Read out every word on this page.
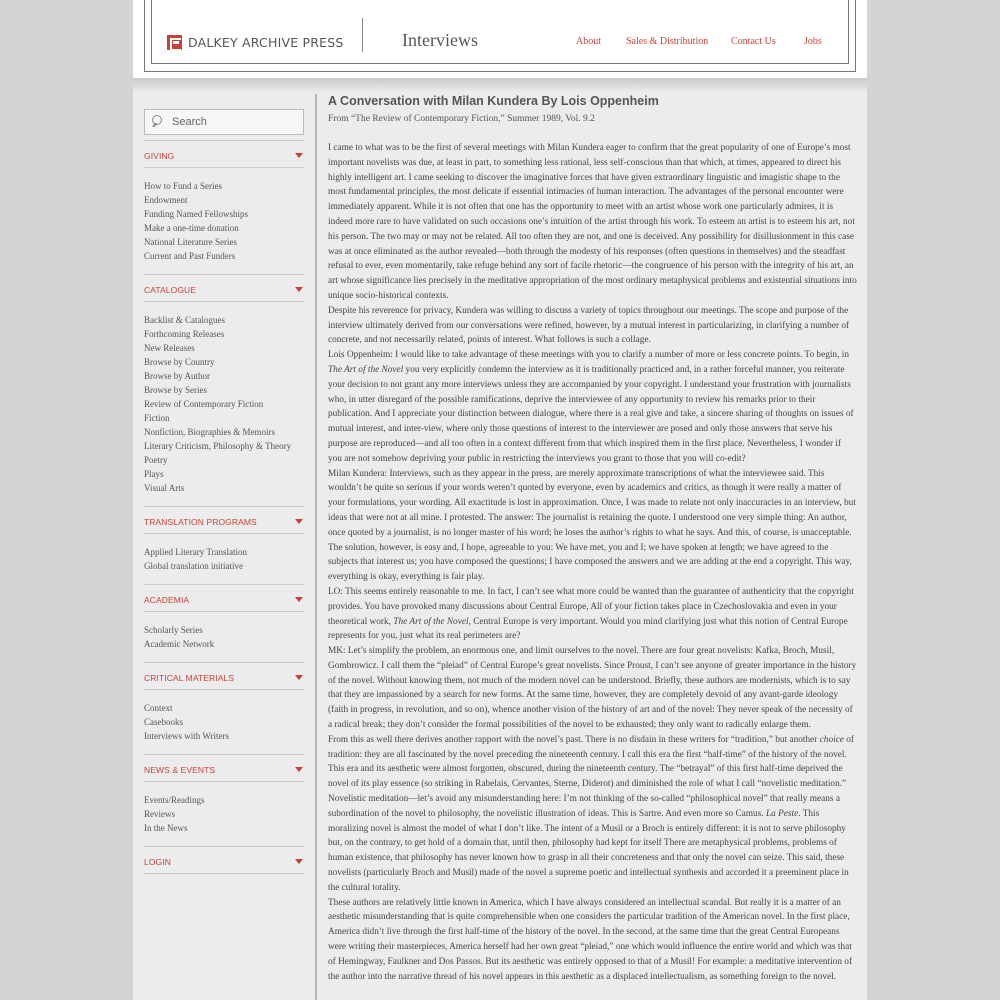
DALKEY ARCHIVE PRESS	Interviews	About	Sales & Distribution Contact Us	Jobs
Search
GIVING
How to Fund a Series
Endowment
Funding Named Fellowships
Make a one-time donation
National Literature Series
Current and Past Funders
CATALOGUE
Backlist & Catalogues
Forthcoming Releases
New Releases
Browse by Country
Browse by Author
Browse by Series
Review of Contemporary Fiction
Fiction
Nonfiction, Biographies & Memoirs
Literary Criticism, Philosophy & Theory
Poetry
Plays
Visual Arts
TRANSLATION PROGRAMS
Applied Literary Translation
Global translation initiative
ACADEMIA
Scholarly Series
Academic Network
CRITICAL MATERIALS
Context
Casebooks
Interviews with Writers
NEWS & EVENTS
Events/Readings
Reviews
In the News
LOGIN
A Conversation with Milan Kundera By Lois Oppenheim
From “The Review of Contemporary Fiction,” Summer 1989, Vol. 9.2

I came to what was to be the first of several meetings with Milan Kundera eager to confirm that the great popularity of one of Europe’s most important novelists was due, at least in part, to something less rational, less self-conscious than that which, at times, appeared to direct his highly intelligent art. I came seeking to discover the imaginative forces that have given extraordinary linguistic and imagistic shape to the most fundamental principles, the most delicate if essential intimacies of human interaction. The advantages of the personal encounter were immediately apparent. While it is not often that one has the opportunity to meet with an artist whose work one particularly admires, it is indeed more rare to have validated on such occasions one’s intuition of the artist through his work. To esteem an artist is to esteem his art, not his person. The two may or may not be related. All too often they are not, and one is deceived. Any possibility for disillusionment in this case was at once eliminated as the author revealed—both through the modesty of his responses (often questions in themselves) and the steadfast refusal to ever, even momentarily, take refuge behind any sort of facile rhetoric—the congruence of his person with the integrity of his art, an art whose significance lies precisely in the meditative appropriation of the most ordinary metaphysical problems and existential situations into unique socio-historical contexts.

Despite his reverence for privacy, Kundera was willing to discuss a variety of topics throughout our meetings. The scope and purpose of the interview ultimately derived from our conversations were refined, however, by a mutual interest in particularizing, in clarifying a number of concrete, and not necessarily related, points of interest. What follows is such a collage.

Lois Oppenheim: I would like to take advantage of these meetings with you to clarify a number of more or less concrete points. To begin, in The Art of the Novel you very explicitly condemn the interview as it is traditionally practiced and, in a rather forceful manner, you reiterate your decision to not grant any more interviews unless they are accompanied by your copyright. I understand your frustration with journalists who, in utter disregard of the possible ramifications, deprive the interviewee of any opportunity to review his remarks prior to their publication. And I appreciate your distinction between dialogue, where there is a real give and take, a sincere sharing of thoughts on issues of mutual interest, and inter-view, where only those questions of interest to the interviewer are posed and only those answers that serve his purpose are reproduced—and all too often in a context different from that which inspired them in the first place. Nevertheless, I wonder if you are not somehow depriving your public in restricting the interviews you grant to those that you will co-edit?

Milan Kundera: Interviews, such as they appear in the press, are merely approximate transcriptions of what the interviewee said. This wouldn’t be quite so serious if your words weren’t quoted by everyone, even by academics and critics, as though it were really a matter of your formulations, your wording. All exactitude is lost in approximation. Once, I was made to relate not only inaccuracies in an interview, but ideas that were not at all mine. I protested. The answer: The journalist is retaining the quote. I understood one very simple thing: An author, once quoted by a journalist, is no longer master of his word; he loses the author’s rights to what he says. And this, of course, is unacceptable. The solution, however, is easy and, I hope, agreeable to you: We have met, you and I; we have spoken at length; we have agreed to the subjects that interest us; you have composed the questions; I have composed the answers and we are adding at the end a copyright. This way, everything is okay, everything is fair play.

LO: This seems entirely reasonable to me. In fact, I can’t see what more could be wanted than the guarantee of authenticity that the copyright provides. You have provoked many discussions about Central Europe, All of your fiction takes place in Czechoslovakia and even in your theoretical work, The Art of the Novel, Central Europe is very important. Would you mind clarifying just what this notion of Central Europe represents for you, just what its real perimeters are?

MK: Let’s simplify the problem, an enormous one, and limit ourselves to the novel. There are four great novelists: Kafka, Broch, Musil, Gombrowicz. I call them the “pleiad” of Central Europe’s great novelists. Since Proust, I can’t see anyone of greater importance in the history of the novel. Without knowing them, not much of the modern novel can be understood. Briefly, these authors are modernists, which is to say that they are impassioned by a search for new forms. At the same time, however, they are completely devoid of any avant-garde ideology (faith in progress, in revolution, and so on), whence another vision of the history of art and of the novel: They never speak of the necessity of a radical break; they don’t consider the formal possibilities of the novel to be exhausted; they only want to radically enlarge them.

From this as well there derives another rapport with the novel’s past. There is no disdain in these writers for “tradition,” but another choice of tradition: they are all fascinated by the novel preceding the nineteenth century. I call this era the first “half-time” of the history of the novel. This era and its aesthetic were almost forgotten, obscured, during the nineteenth century. The “betrayal” of this first half-time deprived the novel of its play essence (so striking in Rabelais, Cervantes, Sterne, Diderot) and diminished the role of what I call “novelistic meditation.” Novelistic meditation—let’s avoid any misunderstanding here: I’m not thinking of the so-called “philosophical novel” that really means a subordination of the novel to philosophy, the novelistic illustration of ideas. This is Sartre. And even more so Camus. La Peste. This moralizing novel is almost the model of what I don’t like. The intent of a Musil or a Broch is entirely different: it is not to serve philosophy but, on the contrary, to get hold of a domain that, until then, philosophy had kept for itself There are metaphysical problems, problems of human existence, that philosophy has never known how to grasp in all their concreteness and that only the novel can seize. This said, these novelists (particularly Broch and Musil) made of the novel a supreme poetic and intellectual synthesis and accorded it a preeminent place in the cultural totality.

These authors are relatively little known in America, which I have always considered an intellectual scandal. But really it is a matter of an aesthetic misunderstanding that is quite comprehensible when one considers the particular tradition of the American novel. In the first place, America didn’t live through the first half-time of the history of the novel. In the second, at the same time that the great Central Europeans were writing their masterpieces, America herself had her own great “pleiad,” one which would influence the entire world and which was that of Hemingway, Faulkner and Dos Passos. But its aesthetic was entirely opposed to that of a Musil! For example: a meditative intervention of the author into the narrative thread of his novel appears in this aesthetic as a displaced intellectualism, as something foreign to the novel.
